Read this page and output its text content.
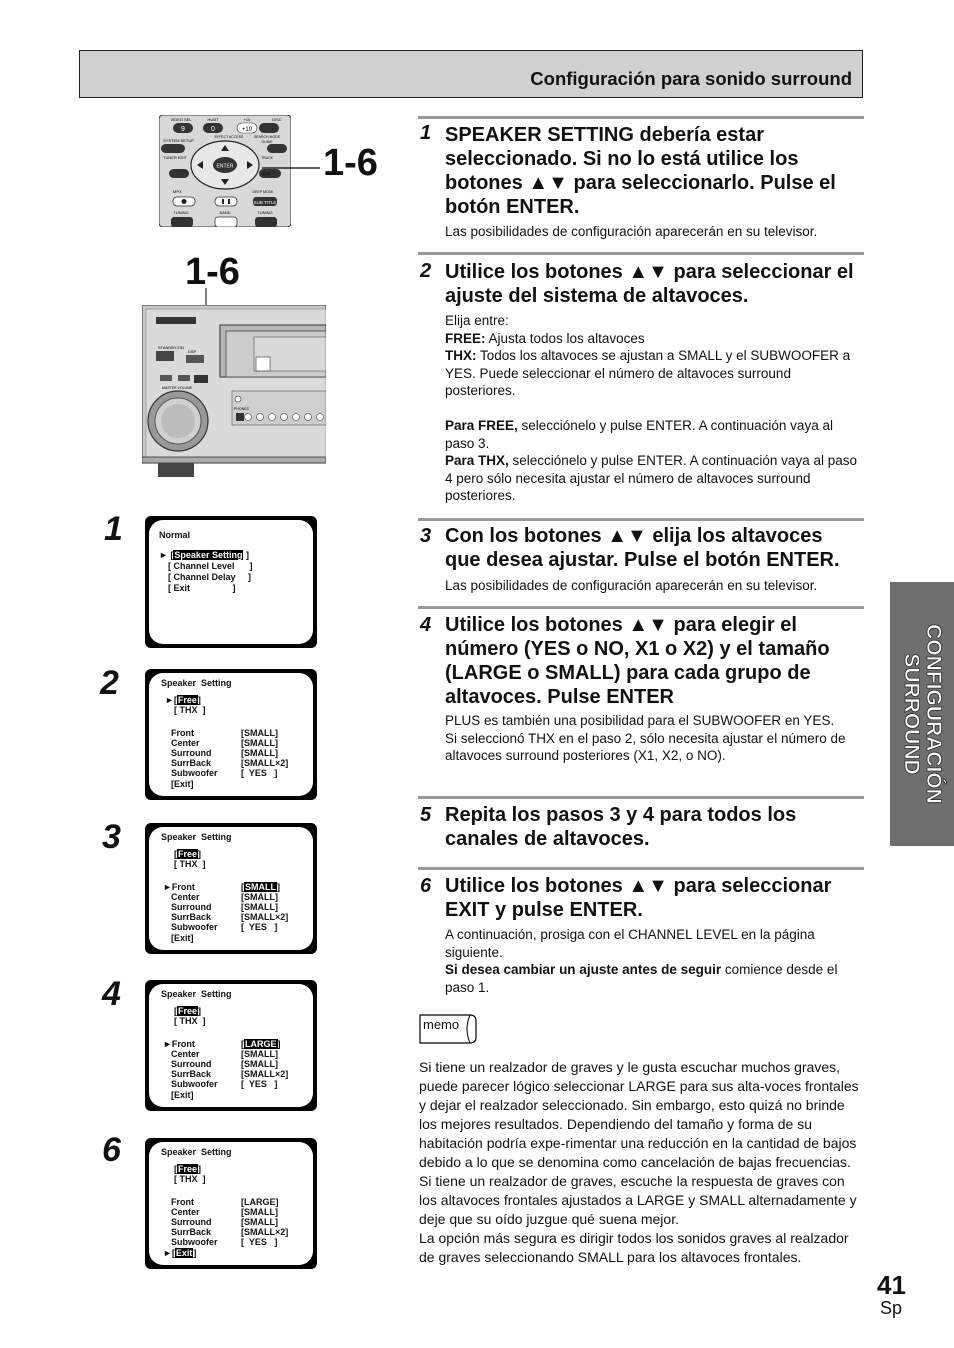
Configuración para sonido surround
CONFIGURACIÓN
SURROUND
VIDEO SEL	HUBT	+10	DISC
9	0	+10
SYSTEM SETUP
EFFECT ACCESS	SEARCH MODE
GUIDE
TUNER EDIT	TRACK
ENTER
EXIT
MPX	DEEP MODE
SUB TITLE
TUNING	BAND	TUNING
1-6
1-6
STANDBY/ON
DSP
MASTER VOLUME
PHONES
1
2
3
4
6
Normal
► [Speaker Setting ]
[ Channel Level ]
[ Channel Delay ]
[ Exit	]
Speaker  Setting
►[Free]
[ THX  ]
Front	[SMALL]
Center	[SMALL]
Surround	[SMALL]
SurrBack	[SMALL×2]
Subwoofer	[  YES   ]
[Exit]
Speaker  Setting
[Free]
[ THX  ]
►Front	[SMALL]
Center	[SMALL]
Surround	[SMALL]
SurrBack	[SMALL×2]
Subwoofer	[  YES   ]
[Exit]
Speaker  Setting
[Free]
[ THX  ]
►Front	[LARGE]
Center	[SMALL]
Surround	[SMALL]
SurrBack	[SMALL×2]
Subwoofer	[  YES   ]
[Exit]
Speaker  Setting
[Free]
[ THX  ]
Front	[LARGE]
Center	[SMALL]
Surround	[SMALL]
SurrBack	[SMALL×2]
Subwoofer	[  YES   ]
►[Exit]
1 SPEAKER SETTING debería estar seleccionado. Si no lo está utilice los botones ▲▼ para seleccionarlo. Pulse el botón ENTER.
Las posibilidades de configuración aparecerán en su televisor.
2 Utilice los botones ▲▼ para seleccionar el ajuste del sistema de altavoces.
Elija entre:
FREE: Ajusta todos los altavoces
THX: Todos los altavoces se ajustan a SMALL y el SUBWOOFER a YES. Puede seleccionar el número de altavoces surround posteriores.
Para FREE, selecciónelo y pulse ENTER. A continuación vaya al paso 3.
Para THX, selecciónelo y pulse ENTER. A continuación vaya al paso 4 pero sólo necesita ajustar el número de altavoces surround posteriores.
3 Con los botones ▲▼ elija los altavoces que desea ajustar. Pulse el botón ENTER.
Las posibilidades de configuración aparecerán en su televisor.
4 Utilice los botones ▲▼ para elegir el número (YES o NO, X1 o X2) y el tamaño (LARGE o SMALL) para cada grupo de altavoces. Pulse ENTER
PLUS es también una posibilidad para el SUBWOOFER en YES.
Si seleccionó THX en el paso 2, sólo necesita ajustar el número de altavoces surround posteriores (X1, X2, o NO).
5 Repita los pasos 3 y 4 para todos los canales de altavoces.
6 Utilice los botones ▲▼ para seleccionar EXIT y pulse ENTER.
A continuación, prosiga con el CHANNEL LEVEL en la página siguiente.
Si desea cambiar un ajuste antes de seguir comience desde el paso 1.
memo
Si tiene un realzador de graves y le gusta escuchar muchos graves, puede parecer lógico seleccionar LARGE para sus alta-voces frontales y dejar el realzador seleccionado. Sin embargo, esto quizá no brinde los mejores resultados. Dependiendo del tamaño y forma de su habitación podría expe-rimentar una reducción en la cantidad de bajos debido a lo que se denomina como cancelación de bajas frecuencias. Si tiene un realzador de graves, escuche la respuesta de graves con los altavoces frontales ajustados a LARGE y SMALL alternadamente y deje que su oído juzgue qué suena mejor.
La opción más segura es dirigir todos los sonidos graves al realzador de graves seleccionando SMALL para los altavoces frontales.
41
Sp
